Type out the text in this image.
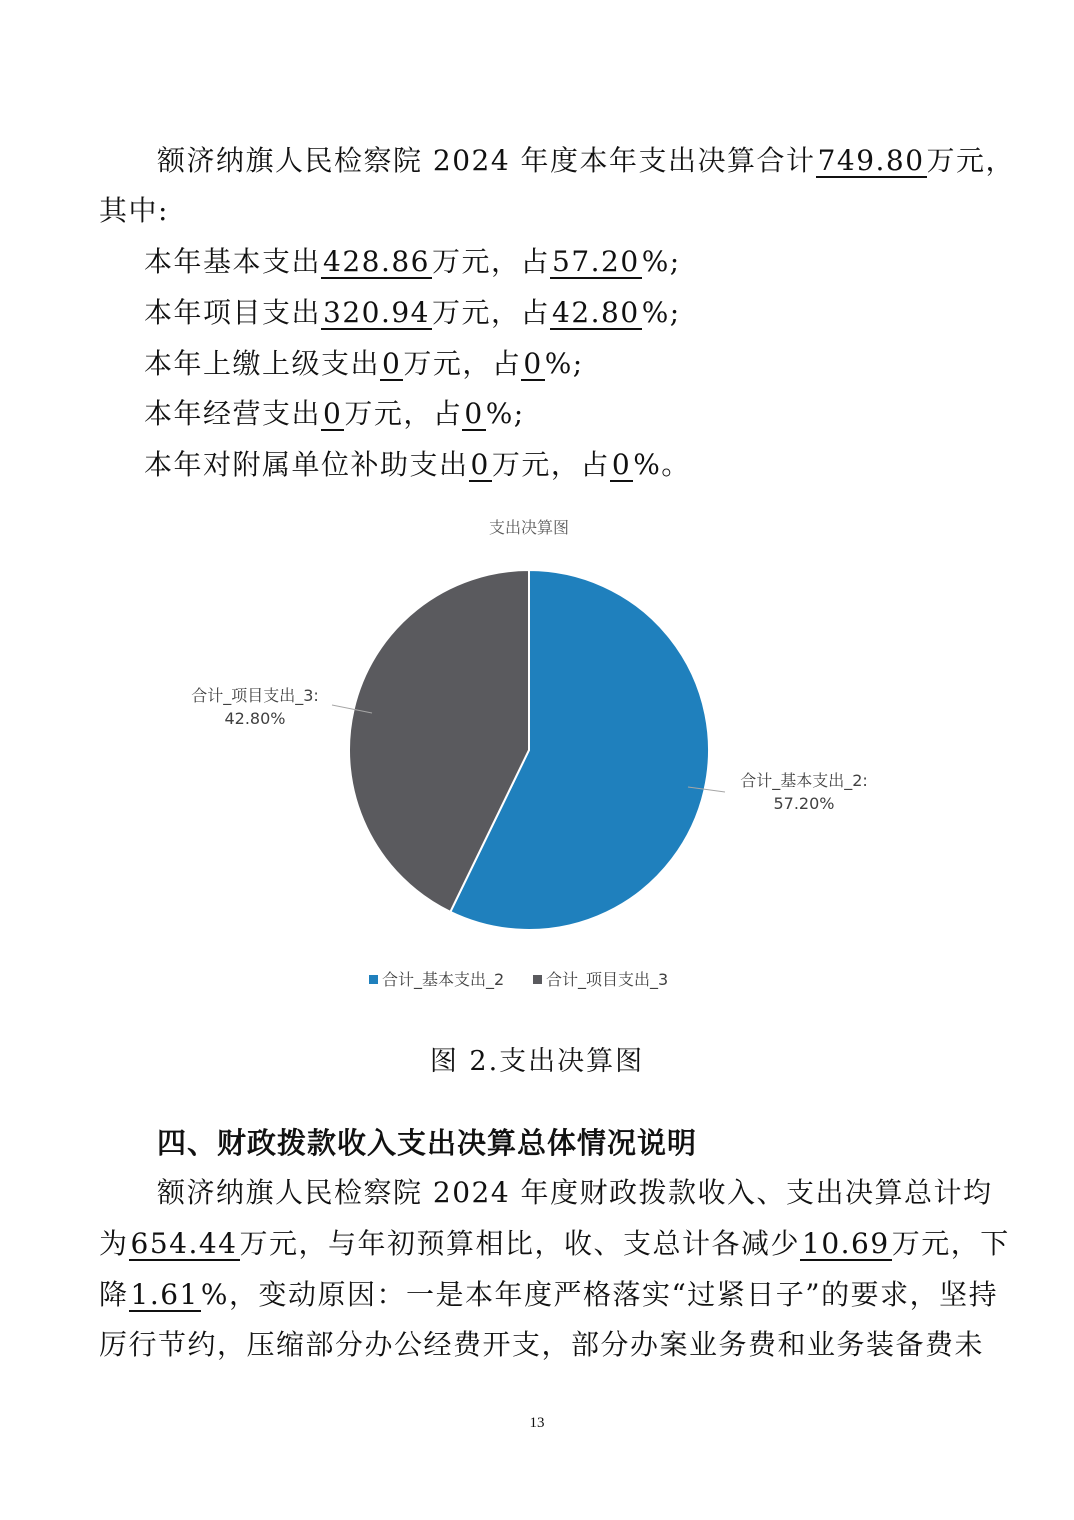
额济纳旗人民检察院 2024 年度本年支出决算合计749.80万元，
其中:
本年基本支出428.86万元，占57.20%;
本年项目支出320.94万元，占42.80%;
本年上缴上级支出0万元，占0%;
本年经营支出0万元，占0%;
本年对附属单位补助支出0万元，占0%。
支出决算图
合计_基本支出_2:
57.20%
合计_项目支出_3:
42.80%
合计_基本支出_2	合计_项目支出_3
图 2.支出决算图
四、财政拨款收入支出决算总体情况说明
额济纳旗人民检察院 2024 年度财政拨款收入、支出决算总计均
为654.44万元，与年初预算相比，收、支总计各减少10.69万元，下
降1.61%，变动原因：一是本年度严格落实“过紧日子”的要求，坚持
厉行节约，压缩部分办公经费开支，部分办案业务费和业务装备费未
13
